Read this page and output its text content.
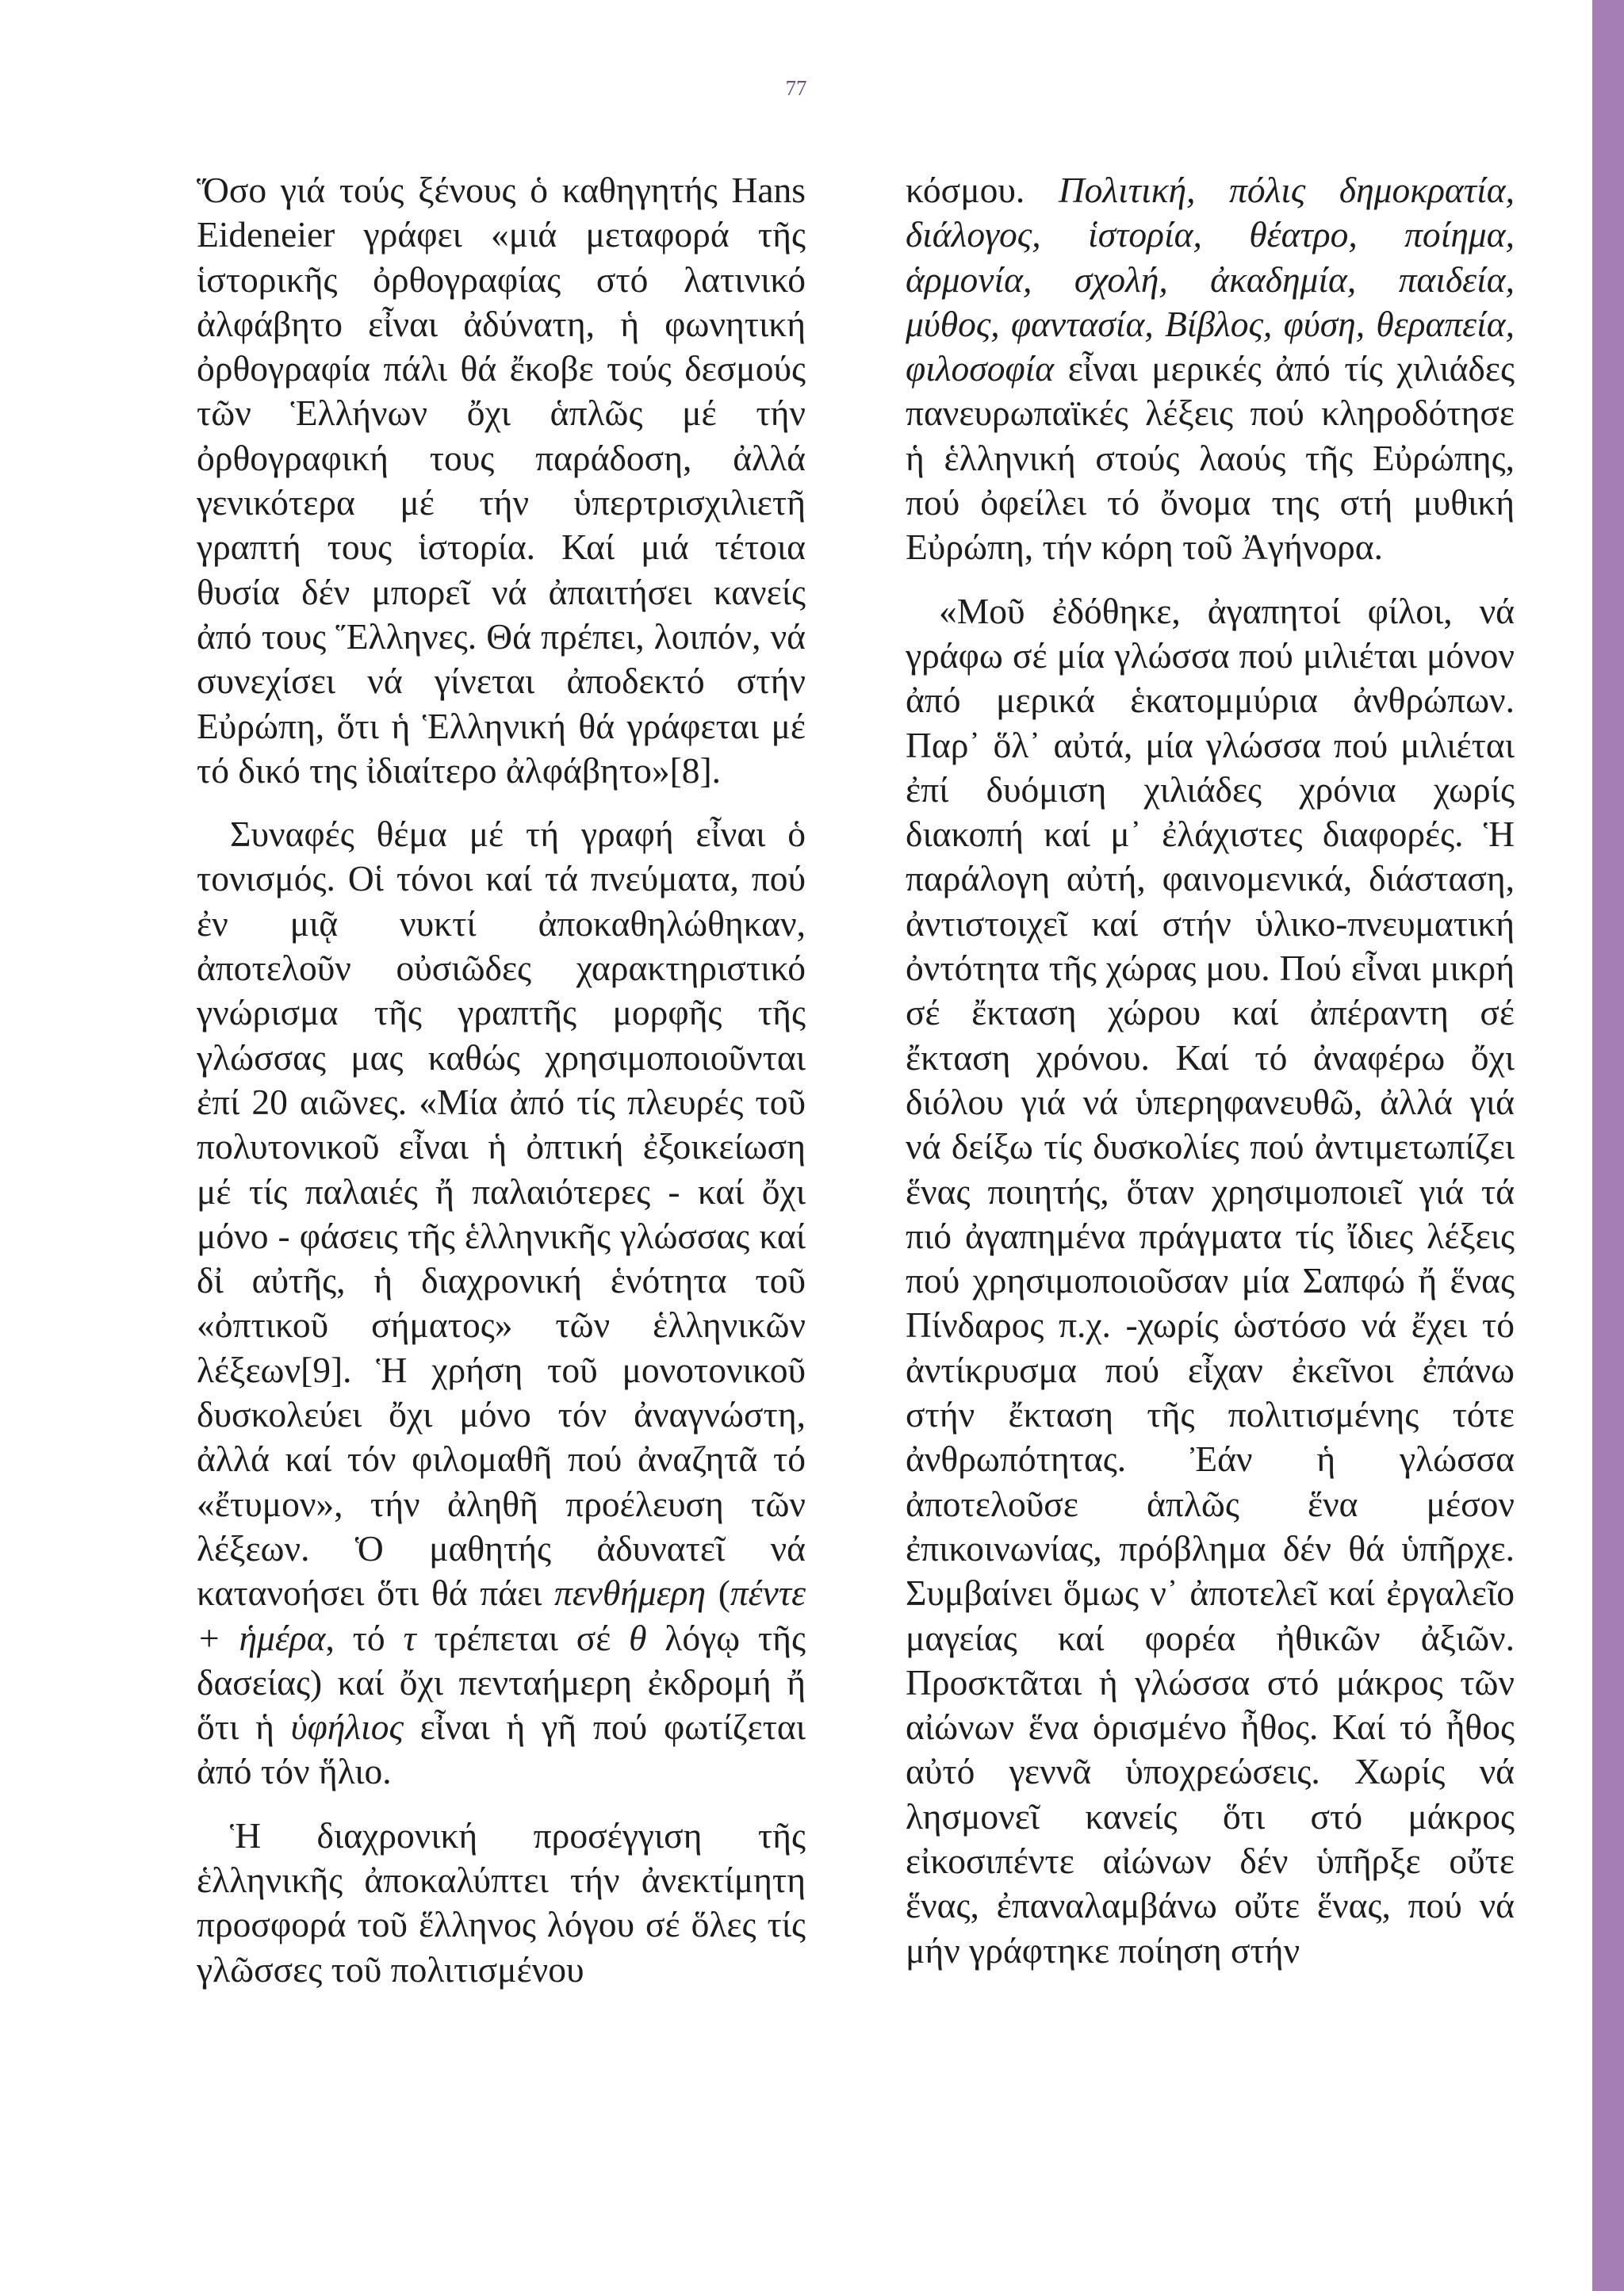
77

Ὅσο γιά τούς ξένους ὁ καθηγητής Hans Eideneier γράφει «μιά μεταφορά τῆς ἱστορικῆς ὀρθογραφίας στό λατινικό ἀλφάβητο εἶναι ἀδύνατη, ἡ φωνητική ὀρθογραφία πάλι θά ἔκοβε τούς δεσμούς τῶν Ἑλλήνων ὄχι ἁπλῶς μέ τήν ὀρθογραφική τους παράδοση, ἀλλά γενικότερα μέ τήν ὑπερτρισχιλιετῆ γραπτή τους ἱστορία. Καί μιά τέτοια θυσία δέν μπορεῖ νά ἀπαιτήσει κανείς ἀπό τους Ἕλληνες. Θά πρέπει, λοιπόν, νά συνεχίσει νά γίνεται ἀποδεκτό στήν Εὐρώπη, ὅτι ἡ Ἑλληνική θά γράφεται μέ τό δικό της ἰδιαίτερο ἀλφάβητο»[8].

Συναφές θέμα μέ τή γραφή εἶναι ὁ τονισμός. Οἱ τόνοι καί τά πνεύματα, πού ἐν μιᾷ νυκτί ἀποκαθηλώθηκαν, ἀποτελοῦν οὐσιῶδες χαρακτηριστικό γνώρισμα τῆς γραπτῆς μορφῆς τῆς γλώσσας μας καθώς χρησιμοποιοῦνται ἐπί 20 αιῶνες. «Μία ἀπό τίς πλευρές τοῦ πολυτονικοῦ εἶναι ἡ ὀπτική ἐξοικείωση μέ τίς παλαιές ἤ παλαιότερες - καί ὄχι μόνο - φάσεις τῆς ἑλληνικῆς γλώσσας καί δἰ αὐτῆς, ἡ διαχρονική ἑνότητα τοῦ «ὀπτικοῦ σήματος» τῶν ἑλληνικῶν λέξεων[9]. Ἡ χρήση τοῦ μονοτονικοῦ δυσκολεύει ὄχι μόνο τόν ἀναγνώστη, ἀλλά καί τόν φιλομαθῆ πού ἀναζητᾶ τό «ἔτυμον», τήν ἀληθῆ προέλευση τῶν λέξεων. Ὁ μαθητής ἀδυνατεῖ νά κατανοήσει ὅτι θά πάει πενθήμερη (πέντε + ἡμέρα, τό τ τρέπεται σέ θ λόγῳ τῆς δασείας) καί ὄχι πενταήμερη ἐκδρομή ἤ ὅτι ἡ ὑφήλιος εἶναι ἡ γῆ πού φωτίζεται ἀπό τόν ἥλιο.

Ἡ διαχρονική προσέγγιση τῆς ἑλληνικῆς ἀποκαλύπτει τήν ἀνεκτίμητη προσφορά τοῦ ἕλληνος λόγου σέ ὅλες τίς γλῶσσες τοῦ πολιτισμένου

κόσμου. Πολιτική, πόλις δημοκρατία, διάλογος, ἱστορία, θέατρο, ποίημα, ἁρμονία, σχολή, ἀκαδημία, παιδεία, μύθος, φαντασία, Βίβλος, φύση, θεραπεία, φιλοσοφία εἶναι μερικές ἀπό τίς χιλιάδες πανευρωπαϊκές λέξεις πού κληροδότησε ἡ ἑλληνική στούς λαούς τῆς Εὐρώπης, πού ὀφείλει τό ὄνομα της στή μυθική Εὐρώπη, τήν κόρη τοῦ Ἀγήνορα.

«Μοῦ ἐδόθηκε, ἀγαπητοί φίλοι, νά γράφω σέ μία γλώσσα πού μιλιέται μόνον ἀπό μερικά ἑκατομμύρια ἀνθρώπων. Παρ᾽ ὅλ᾽ αὐτά, μία γλώσσα πού μιλιέται ἐπί δυόμιση χιλιάδες χρόνια χωρίς διακοπή καί μ᾽ ἐλάχιστες διαφορές. Ἡ παράλογη αὐτή, φαινομενικά, διάσταση, ἀντιστοιχεῖ καί στήν ὑλικο-πνευματική ὀντότητα τῆς χώρας μου. Πού εἶναι μικρή σέ ἔκταση χώρου καί ἀπέραντη σέ ἔκταση χρόνου. Καί τό ἀναφέρω ὄχι διόλου γιά νά ὑπερηφανευθῶ, ἀλλά γιά νά δείξω τίς δυσκολίες πού ἀντιμετωπίζει ἕνας ποιητής, ὅταν χρησιμοποιεῖ γιά τά πιό ἀγαπημένα πράγματα τίς ἴδιες λέξεις πού χρησιμοποιοῦσαν μία Σαπφώ ἤ ἕνας Πίνδαρος π.χ. -χωρίς ὡστόσο νά ἔχει τό ἀντίκρυσμα πού εἶχαν ἐκεῖνοι ἐπάνω στήν ἔκταση τῆς πολιτισμένης τότε ἀνθρωπότητας. Ἐάν ἡ γλώσσα ἀποτελοῦσε ἁπλῶς ἕνα μέσον ἐπικοινωνίας, πρόβλημα δέν θά ὑπῆρχε. Συμβαίνει ὅμως ν᾽ ἀποτελεῖ καί ἐργαλεῖο μαγείας καί φορέα ἠθικῶν ἀξιῶν. Προσκτᾶται ἡ γλώσσα στό μάκρος τῶν αἰώνων ἕνα ὁρισμένο ἦθος. Καί τό ἦθος αὐτό γεννᾶ ὑποχρεώσεις. Χωρίς νά λησμονεῖ κανείς ὅτι στό μάκρος εἰκοσιπέντε αἰώνων δέν ὑπῆρξε οὔτε ἕνας, ἐπαναλαμβάνω οὔτε ἕνας, πού νά μήν γράφτηκε ποίηση στήν
